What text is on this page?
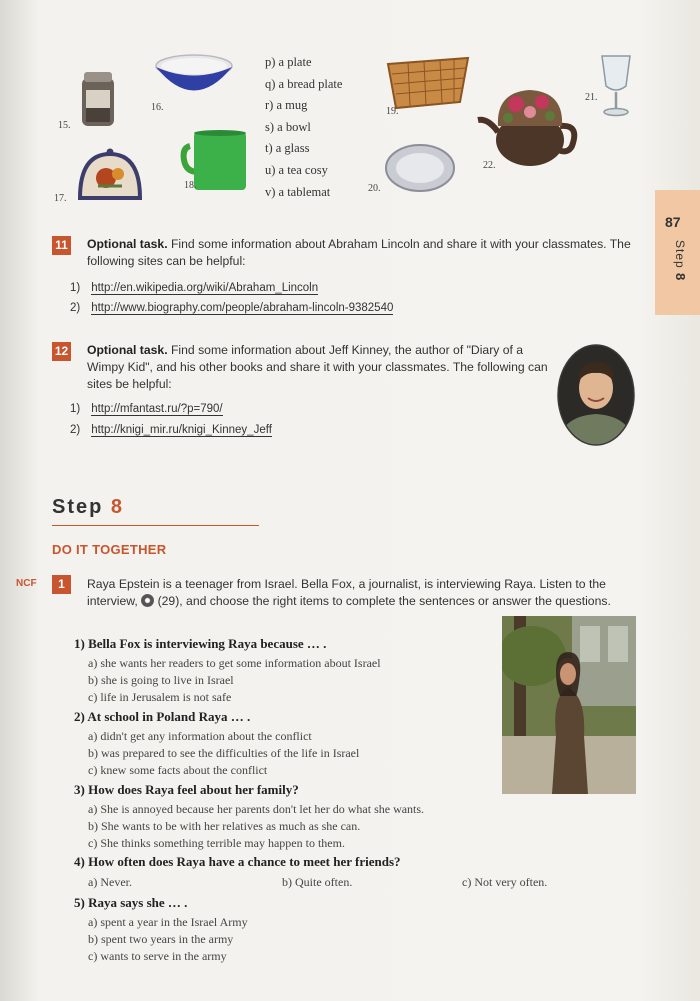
15.
16.
17.
18.
p) a plate
q) a bread plate
r) a mug
s) a bowl
t) a glass
u) a tea cosy
v) a tablemat
19.
20.
21.
22.
87
Step 8
11 Optional task. Find some information about Abraham Lincoln and share it with your classmates. The following sites can be helpful:
1) http://en.wikipedia.org/wiki/Abraham_Lincoln
2) http://www.biography.com/people/abraham-lincoln-9382540
12 Optional task. Find some information about Jeff Kinney, the author of "Diary of a Wimpy Kid", and his other books and share it with your classmates. The following can sites be helpful:
1) http://mfantast.ru/?p=790/
2) http://knigi_mir.ru/knigi_Kinney_Jeff
Step 8
DO IT TOGETHER
NCF	1	Raya Epstein is a teenager from Israel. Bella Fox, a journalist, is interviewing Raya. Listen to the interview, (29), and choose the right items to complete the sentences or answer the questions.
1) Bella Fox is interviewing Raya because … .
a) she wants her readers to get some information about Israel
b) she is going to live in Israel
c) life in Jerusalem is not safe
2) At school in Poland Raya … .
a) didn't get any information about the conflict
b) was prepared to see the difficulties of the life in Israel
c) knew some facts about the conflict
3) How does Raya feel about her family?
a) She is annoyed because her parents don't let her do what she wants.
b) She wants to be with her relatives as much as she can.
c) She thinks something terrible may happen to them.
4) How often does Raya have a chance to meet her friends?
a) Never.	b) Quite often.	c) Not very often.
5) Raya says she … .
a) spent a year in the Israel Army
b) spent two years in the army
c) wants to serve in the army
